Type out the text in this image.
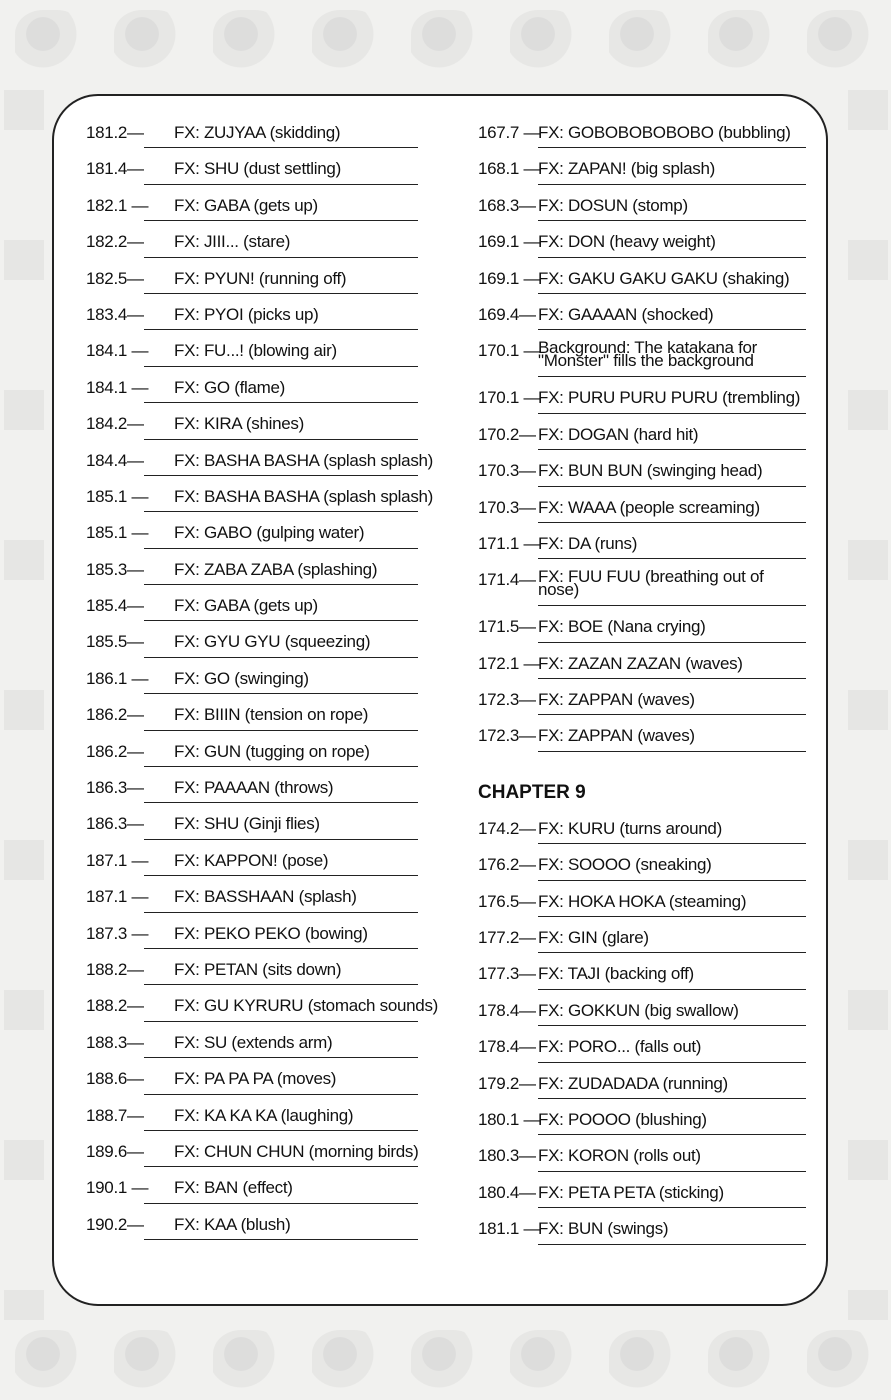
181.2— FX: ZUJYAA (skidding)
181.4— FX: SHU (dust settling)
182.1 — FX: GABA (gets up)
182.2— FX: JIII... (stare)
182.5— FX: PYUN! (running off)
183.4— FX: PYOI (picks up)
184.1 — FX: FU...! (blowing air)
184.1 — FX: GO (flame)
184.2— FX: KIRA (shines)
184.4— FX: BASHA BASHA (splash splash)
185.1 — FX: BASHA BASHA (splash splash)
185.1 — FX: GABO (gulping water)
185.3— FX: ZABA ZABA (splashing)
185.4— FX: GABA (gets up)
185.5— FX: GYU GYU (squeezing)
186.1 — FX: GO (swinging)
186.2— FX: BIIIN (tension on rope)
186.2— FX: GUN (tugging on rope)
186.3— FX: PAAAAN (throws)
186.3— FX: SHU (Ginji flies)
187.1 — FX: KAPPON! (pose)
187.1 — FX: BASSHAAN (splash)
187.3 — FX: PEKO PEKO (bowing)
188.2— FX: PETAN (sits down)
188.2— FX: GU KYRURU (stomach sounds)
188.3— FX: SU (extends arm)
188.6— FX: PA PA PA (moves)
188.7— FX: KA KA KA (laughing)
189.6— FX: CHUN CHUN (morning birds)
190.1 — FX: BAN (effect)
190.2— FX: KAA (blush)
167.7 —
FX: GOBOBOBOBOBO (bubbling)
168.1 —
FX: ZAPAN! (big splash)
168.3— FX: DOSUN (stomp)
169.1 —
FX: DON (heavy weight)
169.1 —
FX: GAKU GAKU GAKU (shaking)
169.4— FX: GAAAAN (shocked)
170.1 —
Background: The katakana for "Monster" fills the background
170.1 —
FX: PURU PURU PURU (trembling)
170.2— FX: DOGAN (hard hit)
170.3— FX: BUN BUN (swinging head)
170.3— FX: WAAA (people screaming)
171.1 —
FX: DA (runs)
171.4— FX: FUU FUU (breathing out of nose)
171.5— FX: BOE (Nana crying)
172.1 —
FX: ZAZAN ZAZAN (waves)
172.3— FX: ZAPPAN (waves)
172.3— FX: ZAPPAN (waves)
CHAPTER 9
174.2— FX: KURU (turns around)
176.2— FX: SOOOO (sneaking)
176.5— FX: HOKA HOKA (steaming)
177.2— FX: GIN (glare)
177.3— FX: TAJI (backing off)
178.4— FX: GOKKUN (big swallow)
178.4— FX: PORO... (falls out)
179.2— FX: ZUDADADA (running)
180.1 —
FX: POOOO (blushing)
180.3— FX: KORON (rolls out)
180.4— FX: PETA PETA (sticking)
181.1 —
FX: BUN (swings)
